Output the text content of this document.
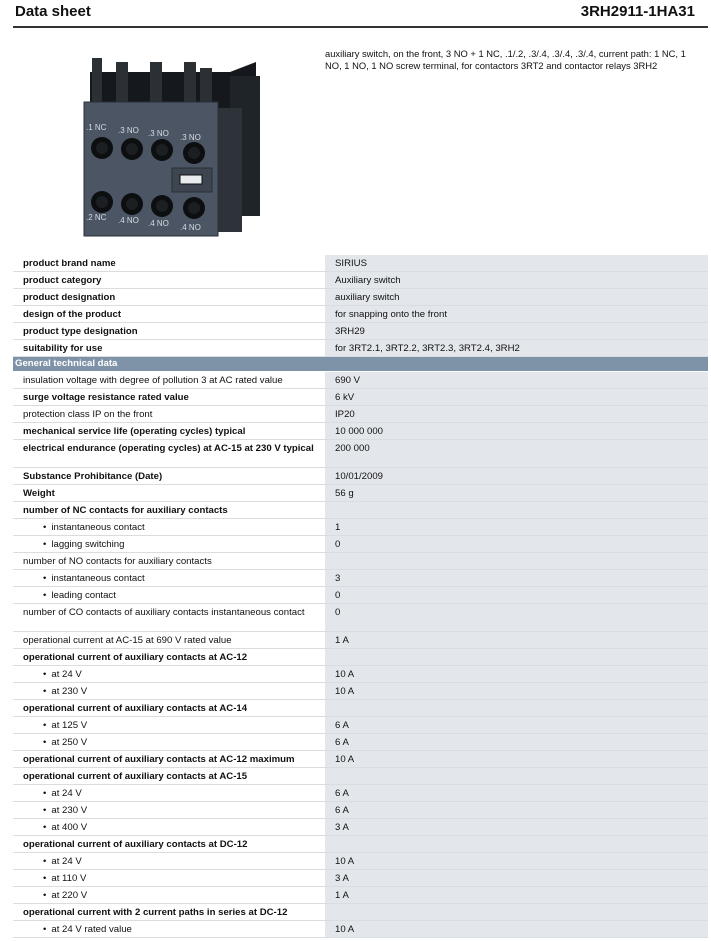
Data sheet	3RH2911-1HA31
.1 NC .3 NO .3 NO .3 NO
.2 NC .4 NO .4 NO .4 NO
auxiliary switch, on the front, 3 NO + 1 NC, .1/.2, .3/.4, .3/.4, .3/.4, current path: 1 NC, 1 NO, 1 NO, 1 NO screw terminal, for contactors 3RT2 and contactor relays 3RH2
product brand name	SIRIUS
product category	Auxiliary switch
product designation	auxiliary switch
design of the product	for snapping onto the front
product type designation	3RH29
suitability for use	for 3RT2.1, 3RT2.2, 3RT2.3, 3RT2.4, 3RH2
General technical data
insulation voltage with degree of pollution 3 at AC rated value	690 V
surge voltage resistance rated value	6 kV
protection class IP on the front	IP20
mechanical service life (operating cycles) typical	10 000 000
electrical endurance (operating cycles) at AC-15 at 230 V typical	200 000
Substance Prohibitance (Date)	10/01/2009
Weight	56 g
number of NC contacts for auxiliary contacts
• instantaneous contact	1
• lagging switching	0
number of NO contacts for auxiliary contacts
• instantaneous contact	3
• leading contact	0
number of CO contacts of auxiliary contacts instantaneous contact	0
operational current at AC-15 at 690 V rated value	1 A
operational current of auxiliary contacts at AC-12
• at 24 V	10 A
• at 230 V	10 A
operational current of auxiliary contacts at AC-14
• at 125 V	6 A
• at 250 V	6 A
operational current of auxiliary contacts at AC-12 maximum	10 A
operational current of auxiliary contacts at AC-15
• at 24 V	6 A
• at 230 V	6 A
• at 400 V	3 A
operational current of auxiliary contacts at DC-12
• at 24 V	10 A
• at 110 V	3 A
• at 220 V	1 A
operational current with 2 current paths in series at DC-12
• at 24 V rated value	10 A
